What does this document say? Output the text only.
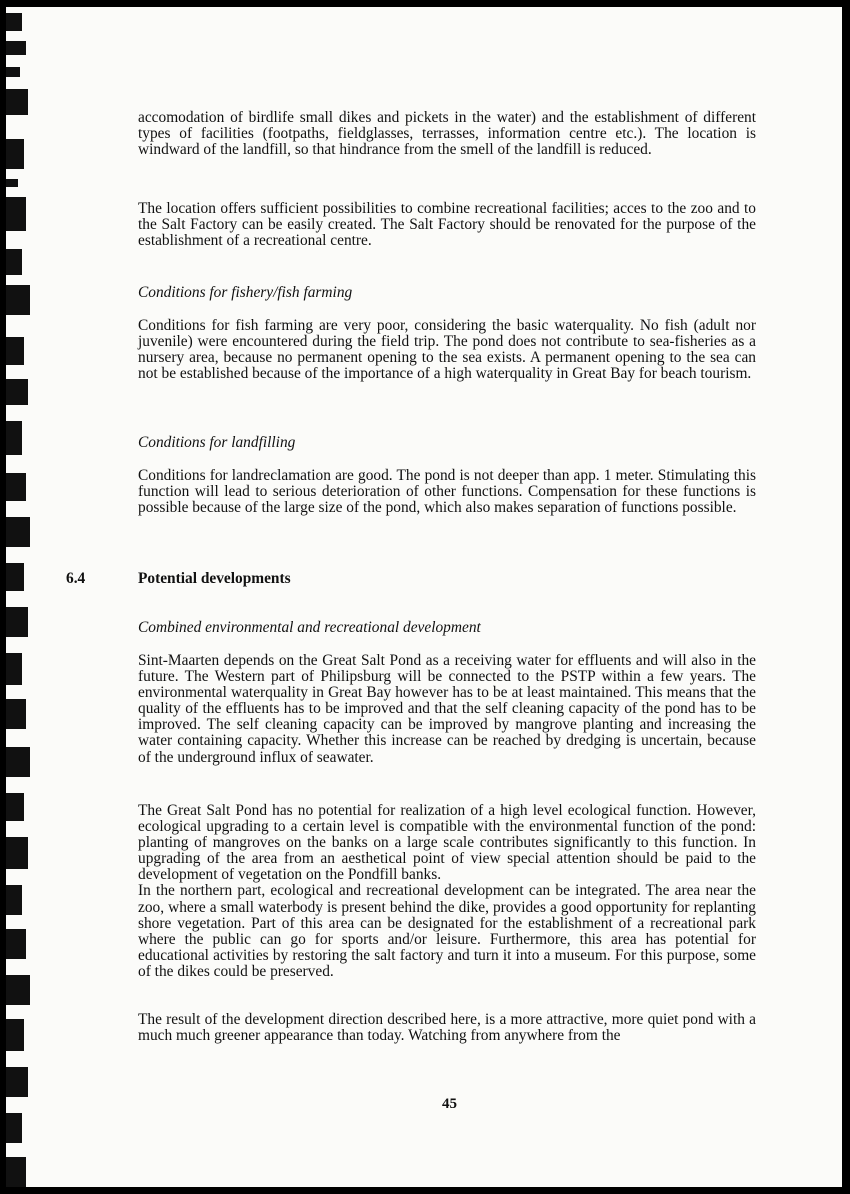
accomodation of birdlife small dikes and pickets in the water) and the establishment of different types of facilities (footpaths, fieldglasses, terrasses, information centre etc.). The location is windward of the landfill, so that hindrance from the smell of the landfill is reduced.

The location offers sufficient possibilities to combine recreational facilities; acces to the zoo and to the Salt Factory can be easily created. The Salt Factory should be renovated for the purpose of the establishment of a recreational centre.

Conditions for fishery/fish farming

Conditions for fish farming are very poor, considering the basic waterquality. No fish (adult nor juvenile) were encountered during the field trip. The pond does not contribute to sea-fisheries as a nursery area, because no permanent opening to the sea exists. A permanent opening to the sea can not be established because of the importance of a high waterquality in Great Bay for beach tourism.

Conditions for landfilling

Conditions for landreclamation are good. The pond is not deeper than app. 1 meter. Stimulating this function will lead to serious deterioration of other functions. Compensation for these functions is possible because of the large size of the pond, which also makes separation of functions possible.

6.4	Potential developments
Combined environmental and recreational development

Sint-Maarten depends on the Great Salt Pond as a receiving water for effluents and will also in the future. The Western part of Philipsburg will be connected to the PSTP within a few years. The environmental waterquality in Great Bay however has to be at least maintained. This means that the quality of the effluents has to be improved and that the self cleaning capacity of the pond has to be improved. The self cleaning capacity can be improved by mangrove planting and increasing the water containing capacity. Whether this increase can be reached by dredging is uncertain, because of the underground influx of seawater.

The Great Salt Pond has no potential for realization of a high level ecological function. However, ecological upgrading to a certain level is compatible with the environmental function of the pond: planting of mangroves on the banks on a large scale contributes significantly to this function. In upgrading of the area from an aesthetical point of view special attention should be paid to the development of vegetation on the Pondfill banks.

In the northern part, ecological and recreational development can be integrated. The area near the zoo, where a small waterbody is present behind the dike, provides a good opportunity for replanting shore vegetation. Part of this area can be designated for the establishment of a recreational park where the public can go for sports and/or leisure. Furthermore, this area has potential for educational activities by restoring the salt factory and turn it into a museum. For this purpose, some of the dikes could be preserved.

The result of the development direction described here, is a more attractive, more quiet pond with a much much greener appearance than today. Watching from anywhere from the

45
